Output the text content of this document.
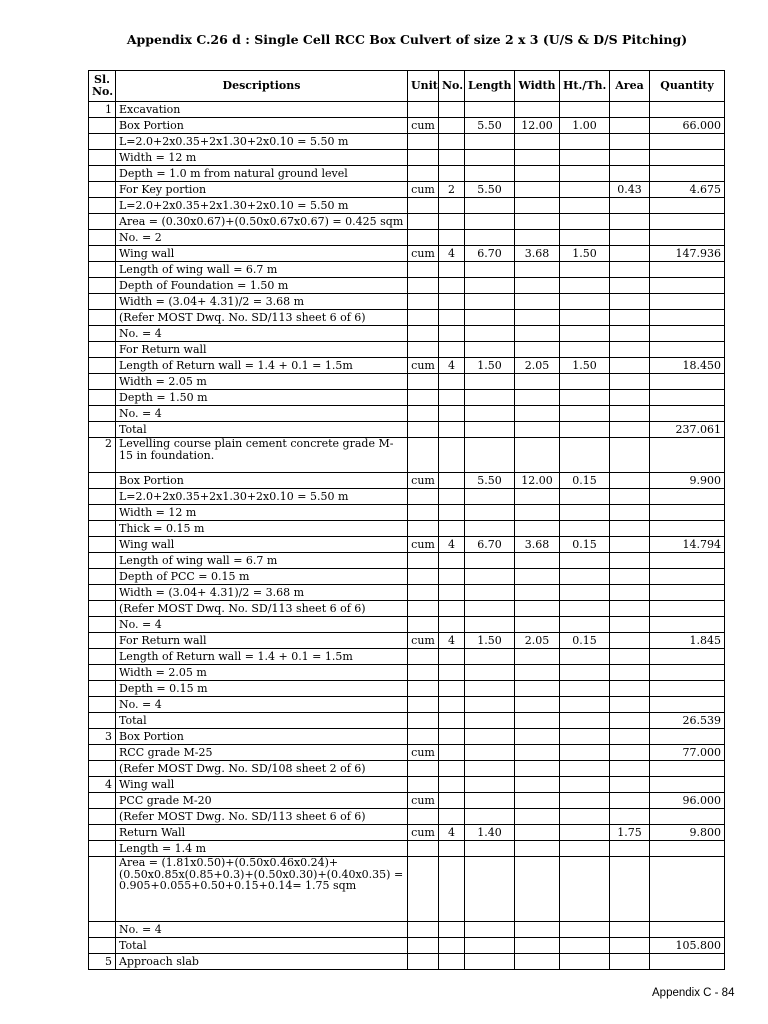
Appendix C.26 d : Single Cell RCC Box Culvert of size 2 x 3 (U/S & D/S Pitching)
Sl. No.	Descriptions	Unit	No.	Length	Width	Ht./Th.	Area	Quantity
1	Excavation							
	Box Portion	cum		5.50	12.00	1.00		66.000
	L=2.0+2x0.35+2x1.30+2x0.10 = 5.50 m							
	Width = 12 m							
	Depth = 1.0 m from natural ground level							
	For Key portion	cum	2	5.50			0.43	4.675
	L=2.0+2x0.35+2x1.30+2x0.10 = 5.50 m							
	Area = (0.30x0.67)+(0.50x0.67x0.67) = 0.425 sqm							
	No. = 2							
	Wing wall	cum	4	6.70	3.68	1.50		147.936
	Length of wing wall = 6.7 m							
	Depth of Foundation = 1.50 m							
	Width = (3.04+ 4.31)/2 = 3.68 m							
	(Refer MOST Dwq. No. SD/113 sheet 6 of 6)							
	No. = 4							
	For Return wall							
	Length of Return wall = 1.4 + 0.1 = 1.5m	cum	4	1.50	2.05	1.50		18.450
	Width = 2.05 m							
	Depth = 1.50 m							
	No. = 4							
	Total							237.061
2	Levelling course plain cement concrete grade M-15 in foundation.							
	Box Portion	cum		5.50	12.00	0.15		9.900
	L=2.0+2x0.35+2x1.30+2x0.10 = 5.50 m							
	Width = 12 m							
	Thick = 0.15 m							
	Wing wall	cum	4	6.70	3.68	0.15		14.794
	Length of wing wall = 6.7 m							
	Depth of PCC = 0.15 m							
	Width = (3.04+ 4.31)/2 = 3.68 m							
	(Refer MOST Dwq. No. SD/113 sheet 6 of 6)							
	No. = 4							
	For Return wall	cum	4	1.50	2.05	0.15		1.845
	Length of Return wall = 1.4 + 0.1 = 1.5m							
	Width = 2.05 m							
	Depth = 0.15 m							
	No. = 4							
	Total							26.539
3	Box Portion							
	RCC grade M-25	cum						77.000
	(Refer MOST Dwg. No. SD/108 sheet 2 of 6)							
4	Wing wall							
	PCC grade M-20	cum						96.000
	(Refer MOST Dwg. No. SD/113 sheet 6 of 6)							
	Return Wall	cum	4	1.40			1.75	9.800
	Length = 1.4 m							
	Area = (1.81x0.50)+(0.50x0.46x0.24)+(0.50x0.85x(0.85+0.3)+(0.50x0.30)+(0.40x0.35) = 0.905+0.055+0.50+0.15+0.14= 1.75 sqm							
	No. = 4							
	Total							105.800
5	Approach slab							
Appendix C - 84
